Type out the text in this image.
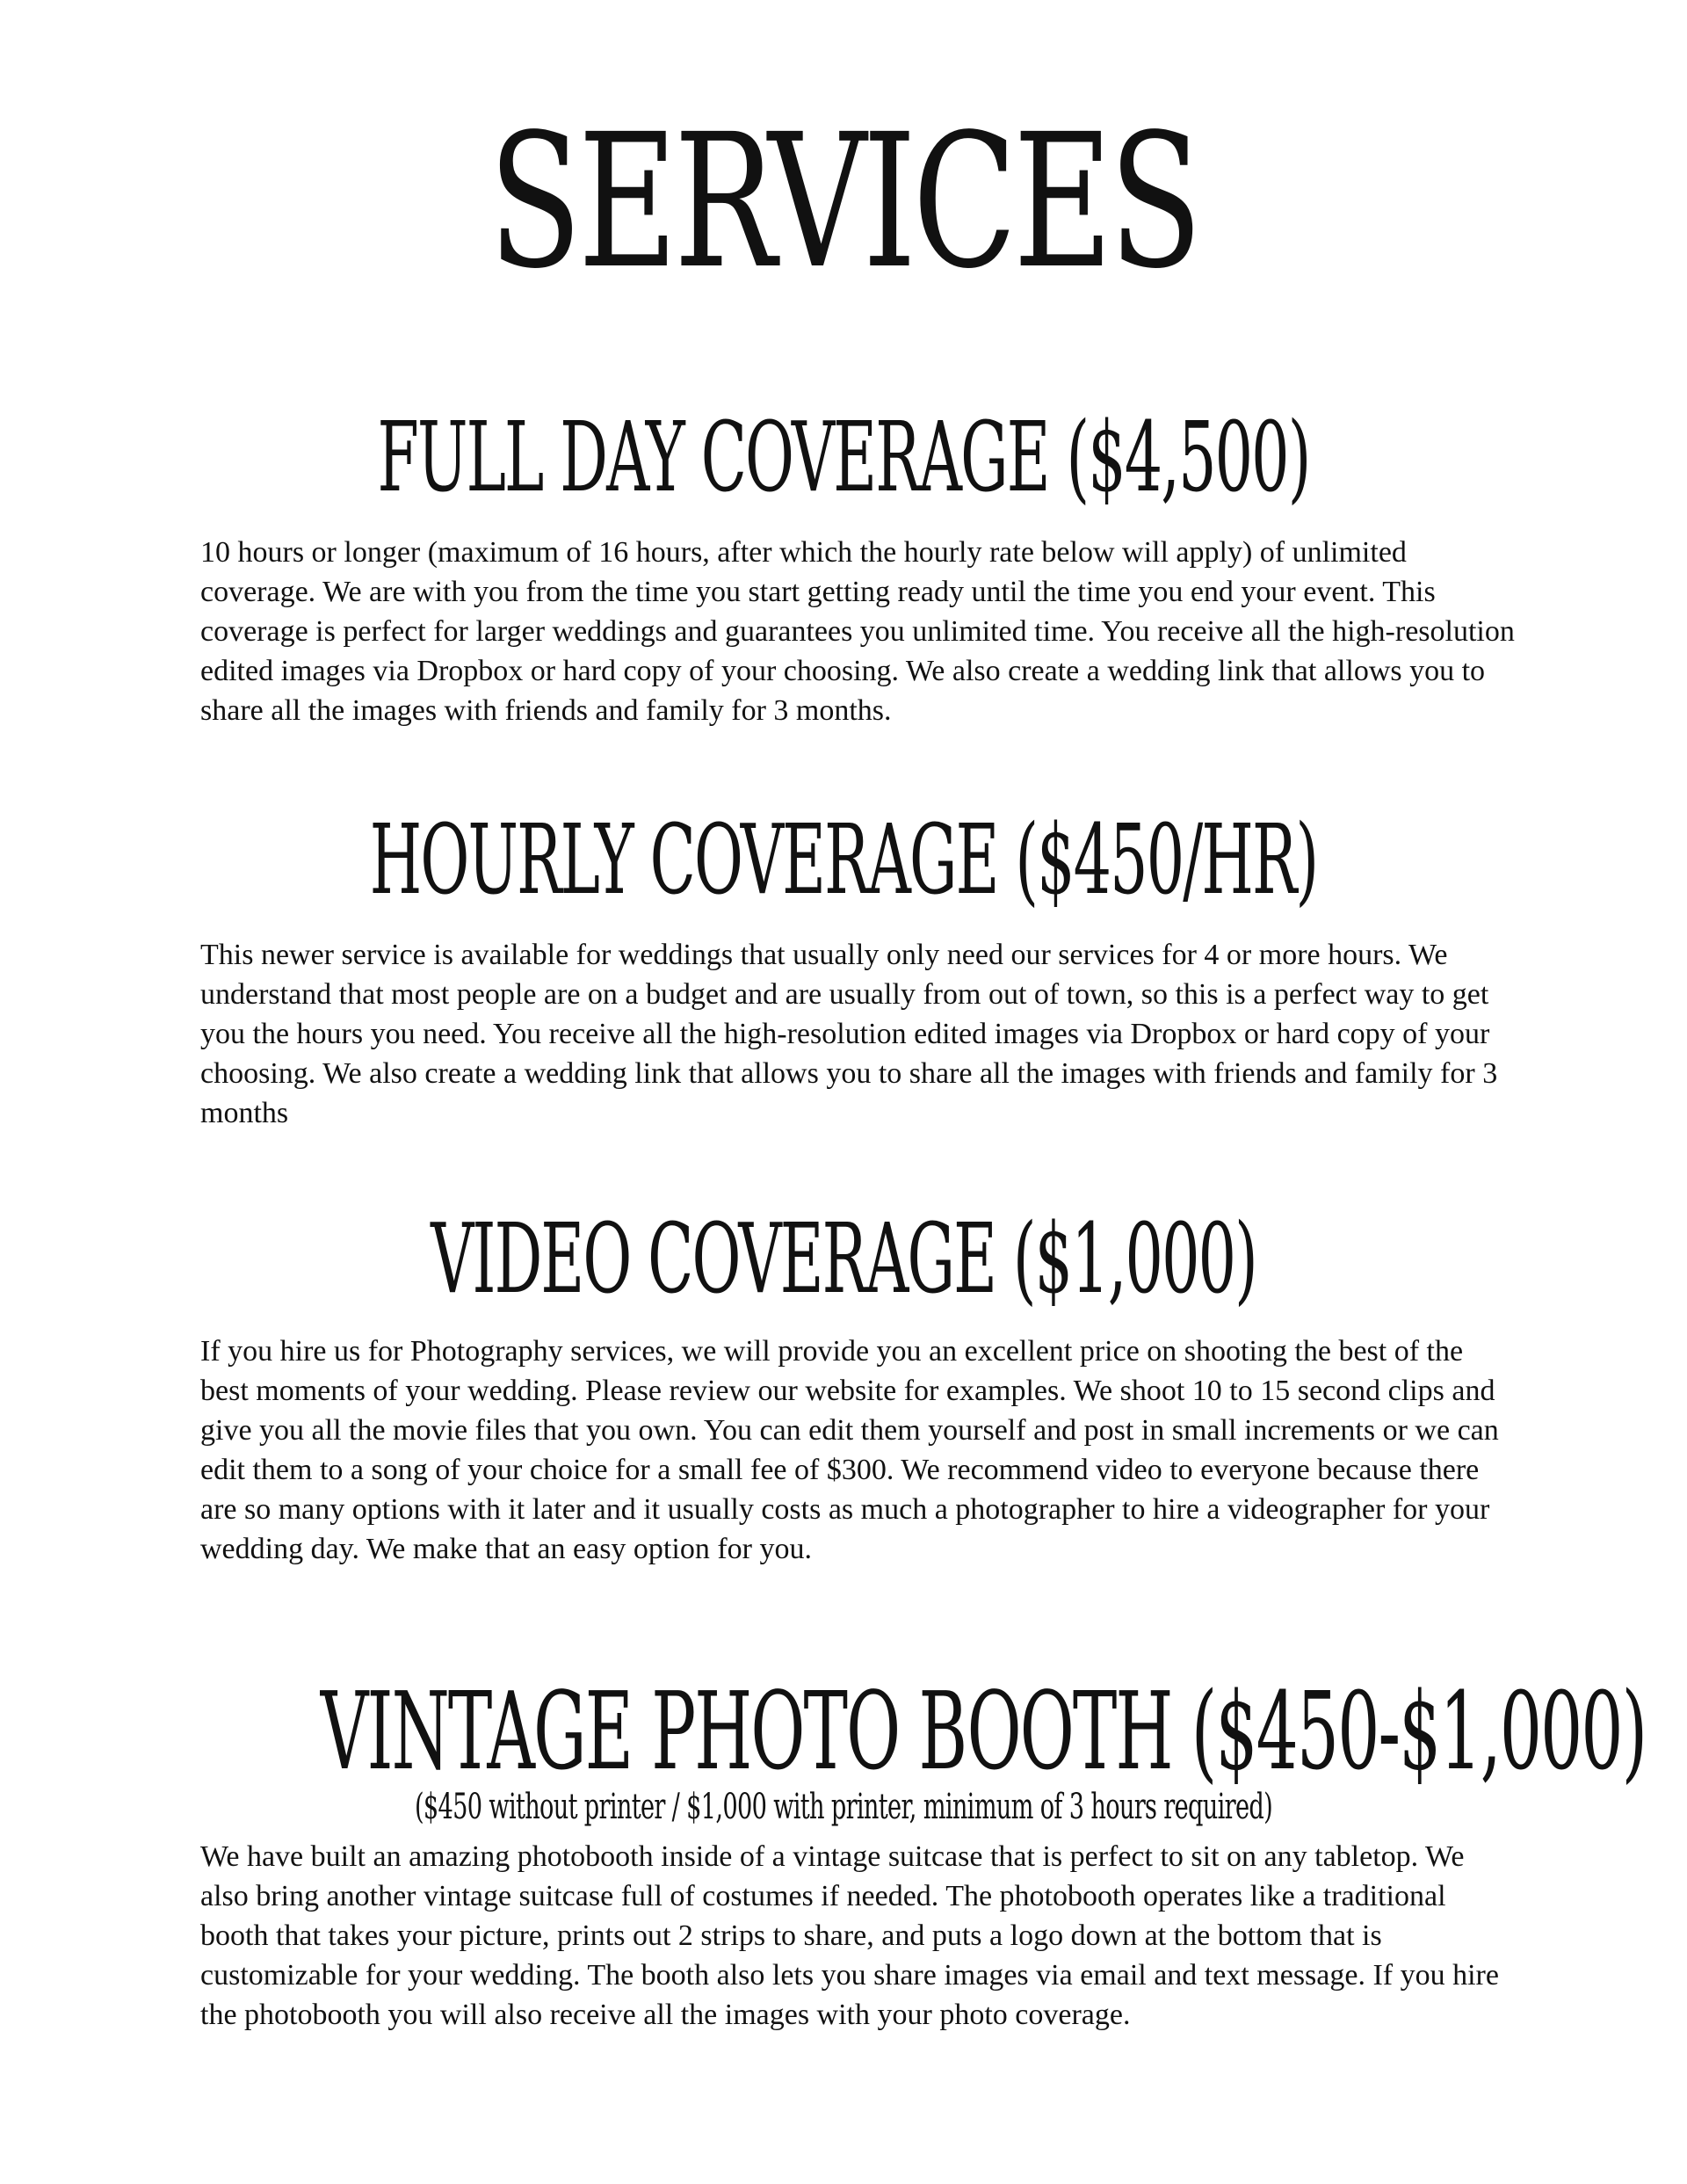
SERVICES
FULL DAY COVERAGE ($4,500)

10 hours or longer (maximum of 16 hours, after which the hourly rate below will apply) of unlimited coverage. We are with you from the time you start getting ready until the time you end your event. This coverage is perfect for larger weddings and guarantees you unlimited time. You receive all the high-resolution edited images via Dropbox or hard copy of your choosing. We also create a wedding link that allows you to share all the images with friends and family for 3 months.

HOURLY COVERAGE ($450/HR)

This newer service is available for weddings that usually only need our services for 4 or more hours. We understand that most people are on a budget and are usually from out of town, so this is a perfect way to get you the hours you need. You receive all the high-resolution edited images via Dropbox or hard copy of your choosing. We also create a wedding link that allows you to share all the images with friends and family for 3 months

VIDEO COVERAGE ($1,000)

If you hire us for Photography services, we will provide you an excellent price on shooting the best of the best moments of your wedding. Please review our website for examples. We shoot 10 to 15 second clips and give you all the movie files that you own. You can edit them yourself and post in small increments or we can edit them to a song of your choice for a small fee of $300. We recommend video to everyone because there are so many options with it later and it usually costs as much a photographer to hire a videographer for your wedding day. We make that an easy option for you.

VINTAGE PHOTO BOOTH ($450-$1,000)
($450 without printer / $1,000 with printer, minimum of 3 hours required)

We have built an amazing photobooth inside of a vintage suitcase that is perfect to sit on any tabletop. We also bring another vintage suitcase full of costumes if needed. The photobooth operates like a traditional booth that takes your picture, prints out 2 strips to share, and puts a logo down at the bottom that is customizable for your wedding. The booth also lets you share images via email and text message. If you hire the photobooth you will also receive all the images with your photo coverage.
